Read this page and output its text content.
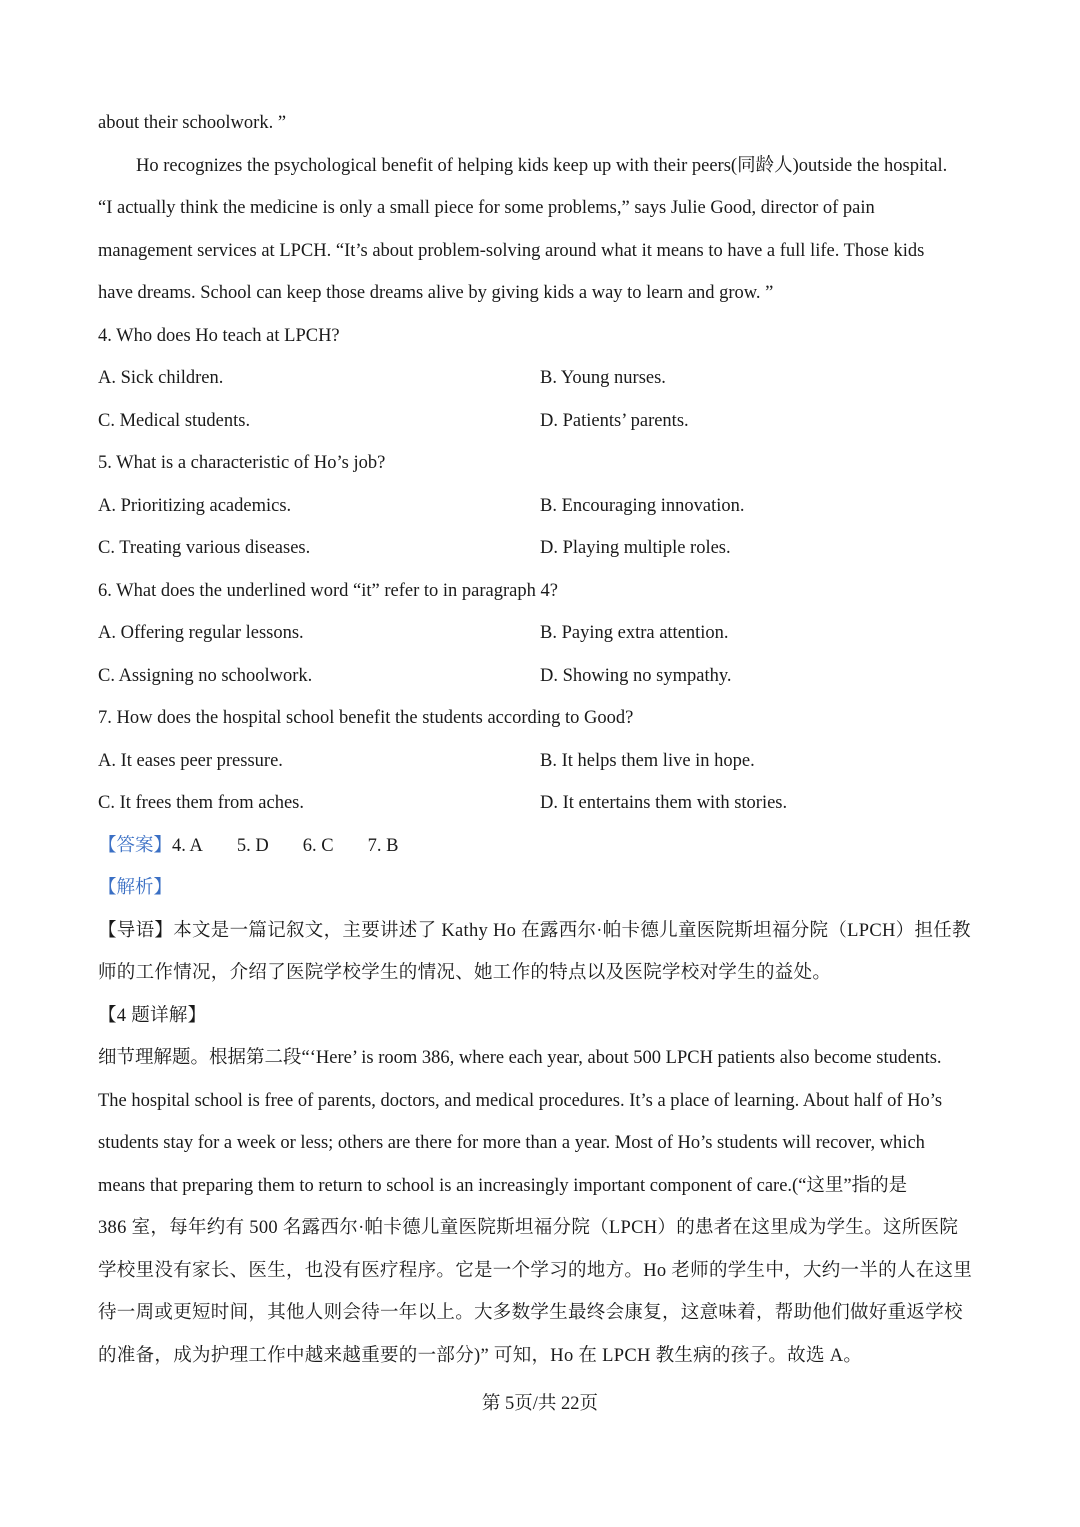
about their schoolwork. ”
Ho recognizes the psychological benefit of helping kids keep up with their peers(同龄人)outside the hospital.
“I actually think the medicine is only a small piece for some problems,” says Julie Good, director of pain
management services at LPCH. “It’s about problem-solving around what it means to have a full life. Those kids
have dreams. School can keep those dreams alive by giving kids a way to learn and grow. ”
4. Who does Ho teach at LPCH?
A. Sick children.	B. Young nurses.
C. Medical students.	D. Patients’ parents.
5. What is a characteristic of Ho’s job?
A. Prioritizing academics.	B. Encouraging innovation.
C. Treating various diseases.	D. Playing multiple roles.
6. What does the underlined word “it” refer to in paragraph 4?
A. Offering regular lessons.	B. Paying extra attention.
C. Assigning no schoolwork.	D. Showing no sympathy.
7. How does the hospital school benefit the students according to Good?
A. It eases peer pressure.	B. It helps them live in hope.
C. It frees them from aches.	D. It entertains them with stories.
【答案】4. A 5. D 6. C 7. B
【解析】
【导语】本文是一篇记叙文，主要讲述了 Kathy Ho 在露西尔·帕卡德儿童医院斯坦福分院（LPCH）担任教
师的工作情况，介绍了医院学校学生的情况、她工作的特点以及医院学校对学生的益处。
【4 题详解】
细节理解题。根据第二段“‘Here’ is room 386, where each year, about 500 LPCH patients also become students.
The hospital school is free of parents, doctors, and medical procedures. It’s a place of learning. About half of Ho’s
students stay for a week or less; others are there for more than a year. Most of Ho’s students will recover, which
means that preparing them to return to school is an increasingly important component of care.(“这里”指的是
386 室，每年约有 500 名露西尔·帕卡德儿童医院斯坦福分院（LPCH）的患者在这里成为学生。这所医院
学校里没有家长、医生，也没有医疗程序。它是一个学习的地方。Ho 老师的学生中，大约一半的人在这里
待一周或更短时间，其他人则会待一年以上。大多数学生最终会康复，这意味着，帮助他们做好重返学校
的准备，成为护理工作中越来越重要的一部分)” 可知，Ho 在 LPCH 教生病的孩子。故选 A。
第 5页/共 22页
